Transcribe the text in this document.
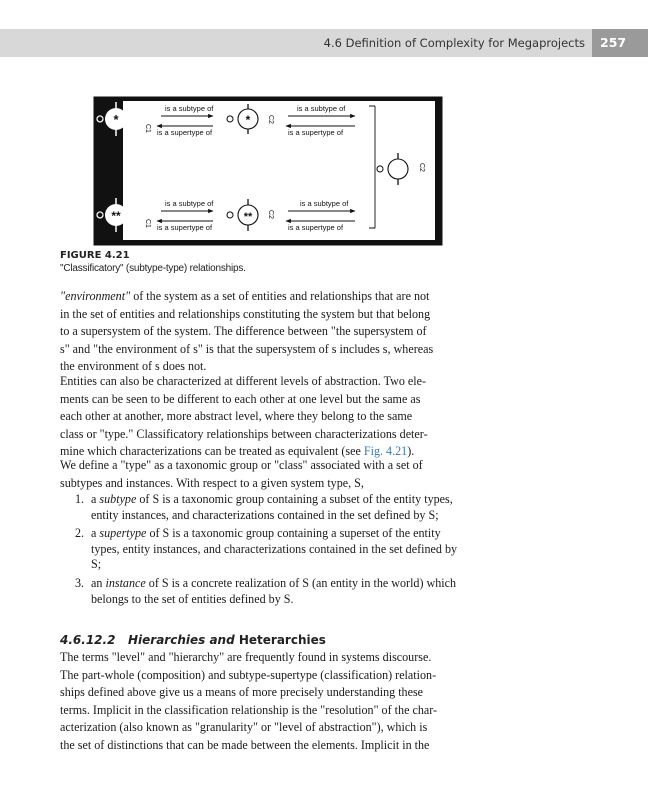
4.6 Definition of Complexity for Megaprojects 257
*
C1
is a subtype of
is a supertype of
* C2
is a subtype of
is a supertype of
**
C1
is a subtype of
is a supertype of
** C2
is a subtype of
is a supertype of
C2
FIGURE 4.21
"Classificatory" (subtype-type) relationships.

"environment" of the system as a set of entities and relationships that are not
in the set of entities and relationships constituting the system but that belong
to a supersystem of the system. The difference between "the supersystem of
s" and "the environment of s" is that the supersystem of s includes s, whereas
the environment of s does not.

Entities can also be characterized at different levels of abstraction. Two ele-
ments can be seen to be different to each other at one level but the same as
each other at another, more abstract level, where they belong to the same
class or "type." Classificatory relationships between characterizations deter-
mine which characterizations can be treated as equivalent (see Fig. 4.21).

We define a "type" as a taxonomic group or "class" associated with a set of
subtypes and instances. With respect to a given system type, S,

1. a subtype of S is a taxonomic group containing a subset of the entity types, entity instances, and characterizations contained in the set defined by S;
2. a supertype of S is a taxonomic group containing a superset of the entity types, entity instances, and characterizations contained in the set defined by S;
3. an instance of S is a concrete realization of S (an entity in the world) which belongs to the set of entities defined by S.
4.6.12.2 Hierarchies and Heterarchies

The terms "level" and "hierarchy" are frequently found in systems discourse.
The part-whole (composition) and subtype-supertype (classification) relation-
ships defined above give us a means of more precisely understanding these
terms. Implicit in the classification relationship is the "resolution" of the char-
acterization (also known as "granularity" or "level of abstraction"), which is
the set of distinctions that can be made between the elements. Implicit in the
